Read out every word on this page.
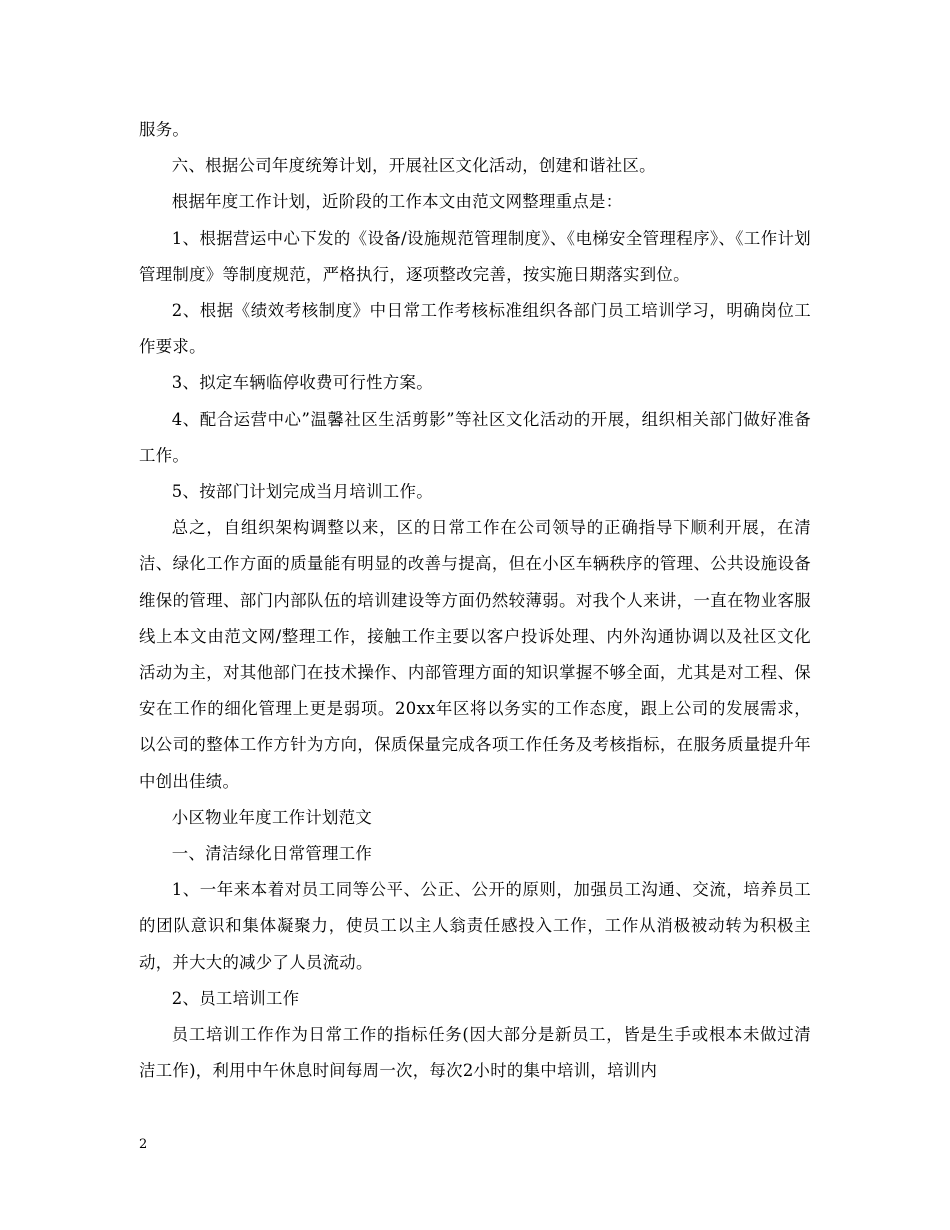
服务。

六、根据公司年度统筹计划，开展社区文化活动，创建和谐社区。

根据年度工作计划，近阶段的工作本文由范文网整理重点是：

1、根据营运中心下发的《设备/设施规范管理制度》、《电梯安全管理程序》、《工作计划管理制度》等制度规范，严格执行，逐项整改完善，按实施日期落实到位。

2、根据《绩效考核制度》中日常工作考核标准组织各部门员工培训学习，明确岗位工作要求。

3、拟定车辆临停收费可行性方案。

4、配合运营中心”温馨社区生活剪影”等社区文化活动的开展，组织相关部门做好准备工作。

5、按部门计划完成当月培训工作。

总之，自组织架构调整以来，区的日常工作在公司领导的正确指导下顺利开展，在清洁、绿化工作方面的质量能有明显的改善与提高，但在小区车辆秩序的管理、公共设施设备维保的管理、部门内部队伍的培训建设等方面仍然较薄弱。对我个人来讲，一直在物业客服线上本文由范文网/整理工作，接触工作主要以客户投诉处理、内外沟通协调以及社区文化活动为主，对其他部门在技术操作、内部管理方面的知识掌握不够全面，尤其是对工程、保安在工作的细化管理上更是弱项。20xx年区将以务实的工作态度，跟上公司的发展需求，以公司的整体工作方针为方向，保质保量完成各项工作任务及考核指标，在服务质量提升年中创出佳绩。

小区物业年度工作计划范文

一、清洁绿化日常管理工作

1、一年来本着对员工同等公平、公正、公开的原则，加强员工沟通、交流，培养员工的团队意识和集体凝聚力，使员工以主人翁责任感投入工作，工作从消极被动转为积极主动，并大大的减少了人员流动。

2、员工培训工作

员工培训工作作为日常工作的指标任务(因大部分是新员工，皆是生手或根本未做过清洁工作)，利用中午休息时间每周一次，每次2小时的集中培训，培训内

2
